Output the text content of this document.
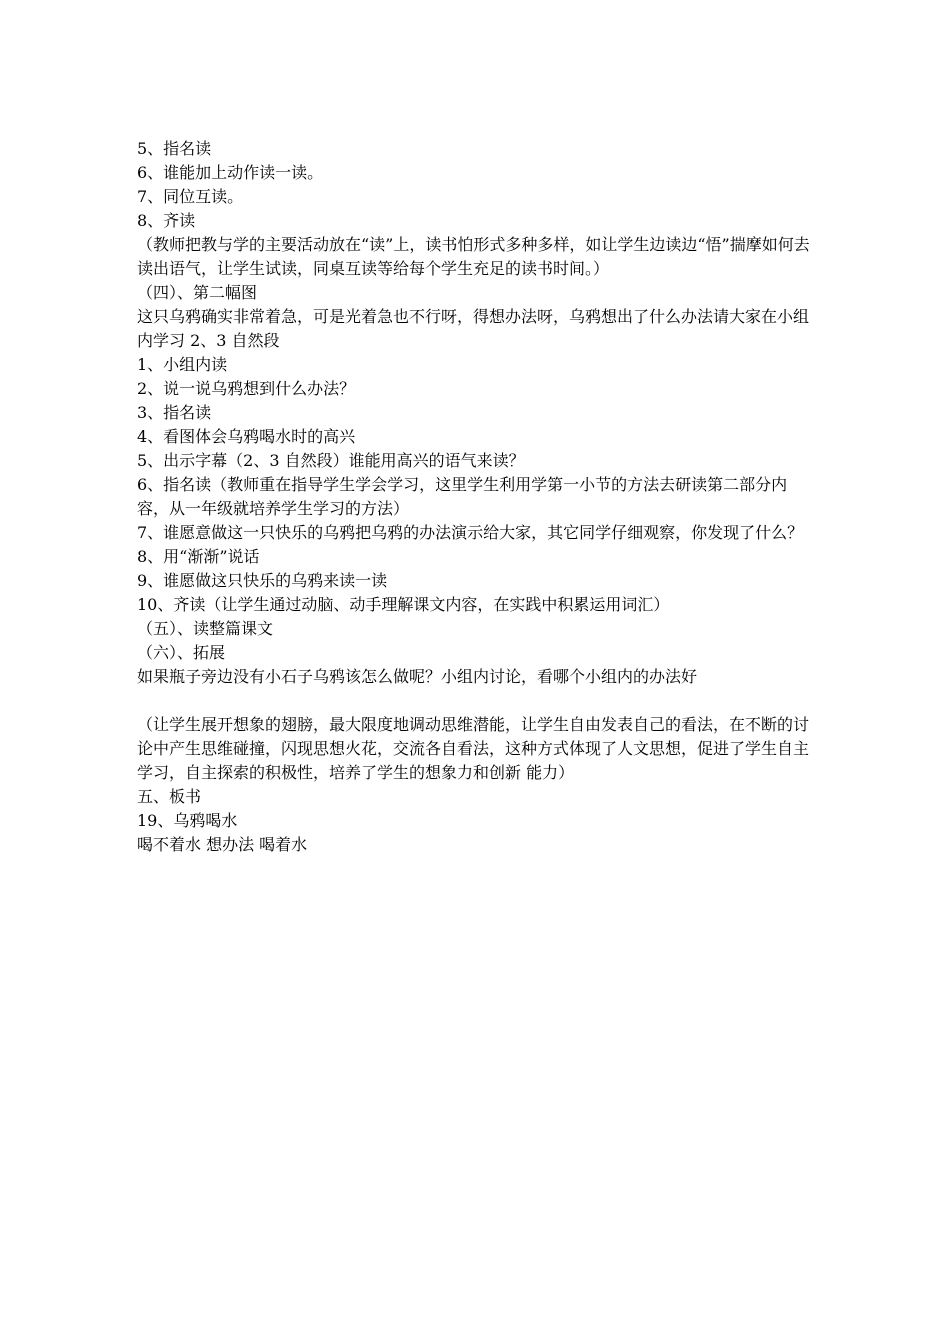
5、指名读
6、谁能加上动作读一读。
7、同位互读。
8、齐读
（教师把教与学的主要活动放在“读”上，读书怕形式多种多样，如让学生边读边“悟”揣摩如何去读出语气，让学生试读，同桌互读等给每个学生充足的读书时间。）
（四）、第二幅图
这只乌鸦确实非常着急，可是光着急也不行呀，得想办法呀，乌鸦想出了什么办法请大家在小组内学习 2、3 自然段
1、小组内读
2、说一说乌鸦想到什么办法？
3、指名读
4、看图体会乌鸦喝水时的高兴
5、出示字幕（2、3 自然段）谁能用高兴的语气来读？
6、指名读（教师重在指导学生学会学习，这里学生利用学第一小节的方法去研读第二部分内容，从一年级就培养学生学习的方法）
7、谁愿意做这一只快乐的乌鸦把乌鸦的办法演示给大家，其它同学仔细观察，你发现了什么？
8、用“渐渐”说话
9、谁愿做这只快乐的乌鸦来读一读
10、齐读（让学生通过动脑、动手理解课文内容，在实践中积累运用词汇）
（五）、读整篇课文
（六）、拓展
如果瓶子旁边没有小石子乌鸦该怎么做呢？小组内讨论，看哪个小组内的办法好
（让学生展开想象的翅膀，最大限度地调动思维潜能，让学生自由发表自己的看法，在不断的讨论中产生思维碰撞，闪现思想火花，交流各自看法，这种方式体现了人文思想，促进了学生自主学习，自主探索的积极性，培养了学生的想象力和创新 能力）
五、板书
19、乌鸦喝水
喝不着水 想办法 喝着水
